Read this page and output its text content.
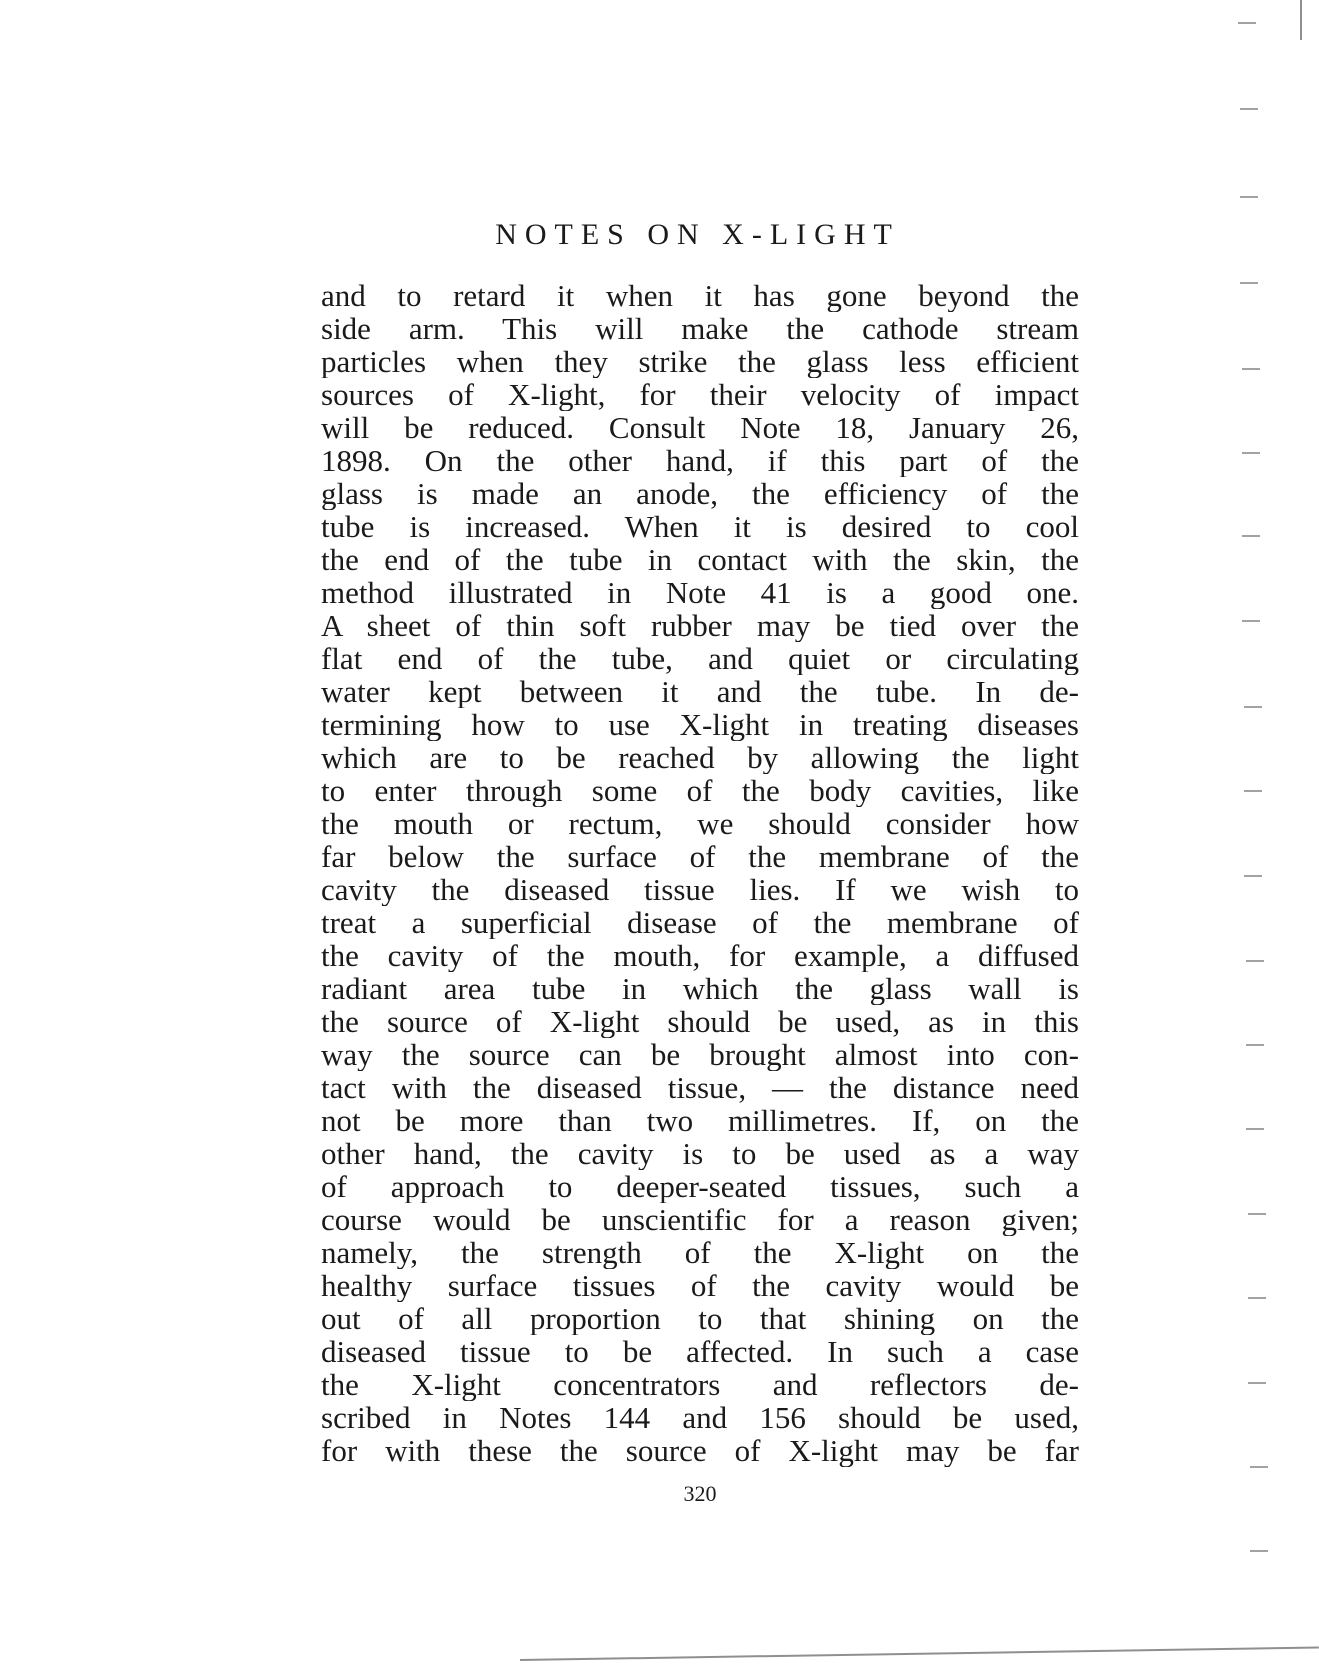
NOTES ON X-LIGHT
and to retard it when it has gone beyond the
side arm. This will make the cathode stream
particles when they strike the glass less efficient
sources of X-light, for their velocity of impact
will be reduced. Consult Note 18, January 26,
1898. On the other hand, if this part of the
glass is made an anode, the efficiency of the
tube is increased. When it is desired to cool
the end of the tube in contact with the skin, the
method illustrated in Note 41 is a good one.
A sheet of thin soft rubber may be tied over the
flat end of the tube, and quiet or circulating
water kept between it and the tube. In de-
termining how to use X-light in treating diseases
which are to be reached by allowing the light
to enter through some of the body cavities, like
the mouth or rectum, we should consider how
far below the surface of the membrane of the
cavity the diseased tissue lies. If we wish to
treat a superficial disease of the membrane of
the cavity of the mouth, for example, a diffused
radiant area tube in which the glass wall is
the source of X-light should be used, as in this
way the source can be brought almost into con-
tact with the diseased tissue, — the distance need
not be more than two millimetres. If, on the
other hand, the cavity is to be used as a way
of approach to deeper-seated tissues, such a
course would be unscientific for a reason given;
namely, the strength of the X-light on the
healthy surface tissues of the cavity would be
out of all proportion to that shining on the
diseased tissue to be affected. In such a case
the X-light concentrators and reflectors de-
scribed in Notes 144 and 156 should be used,
for with these the source of X-light may be far
320
